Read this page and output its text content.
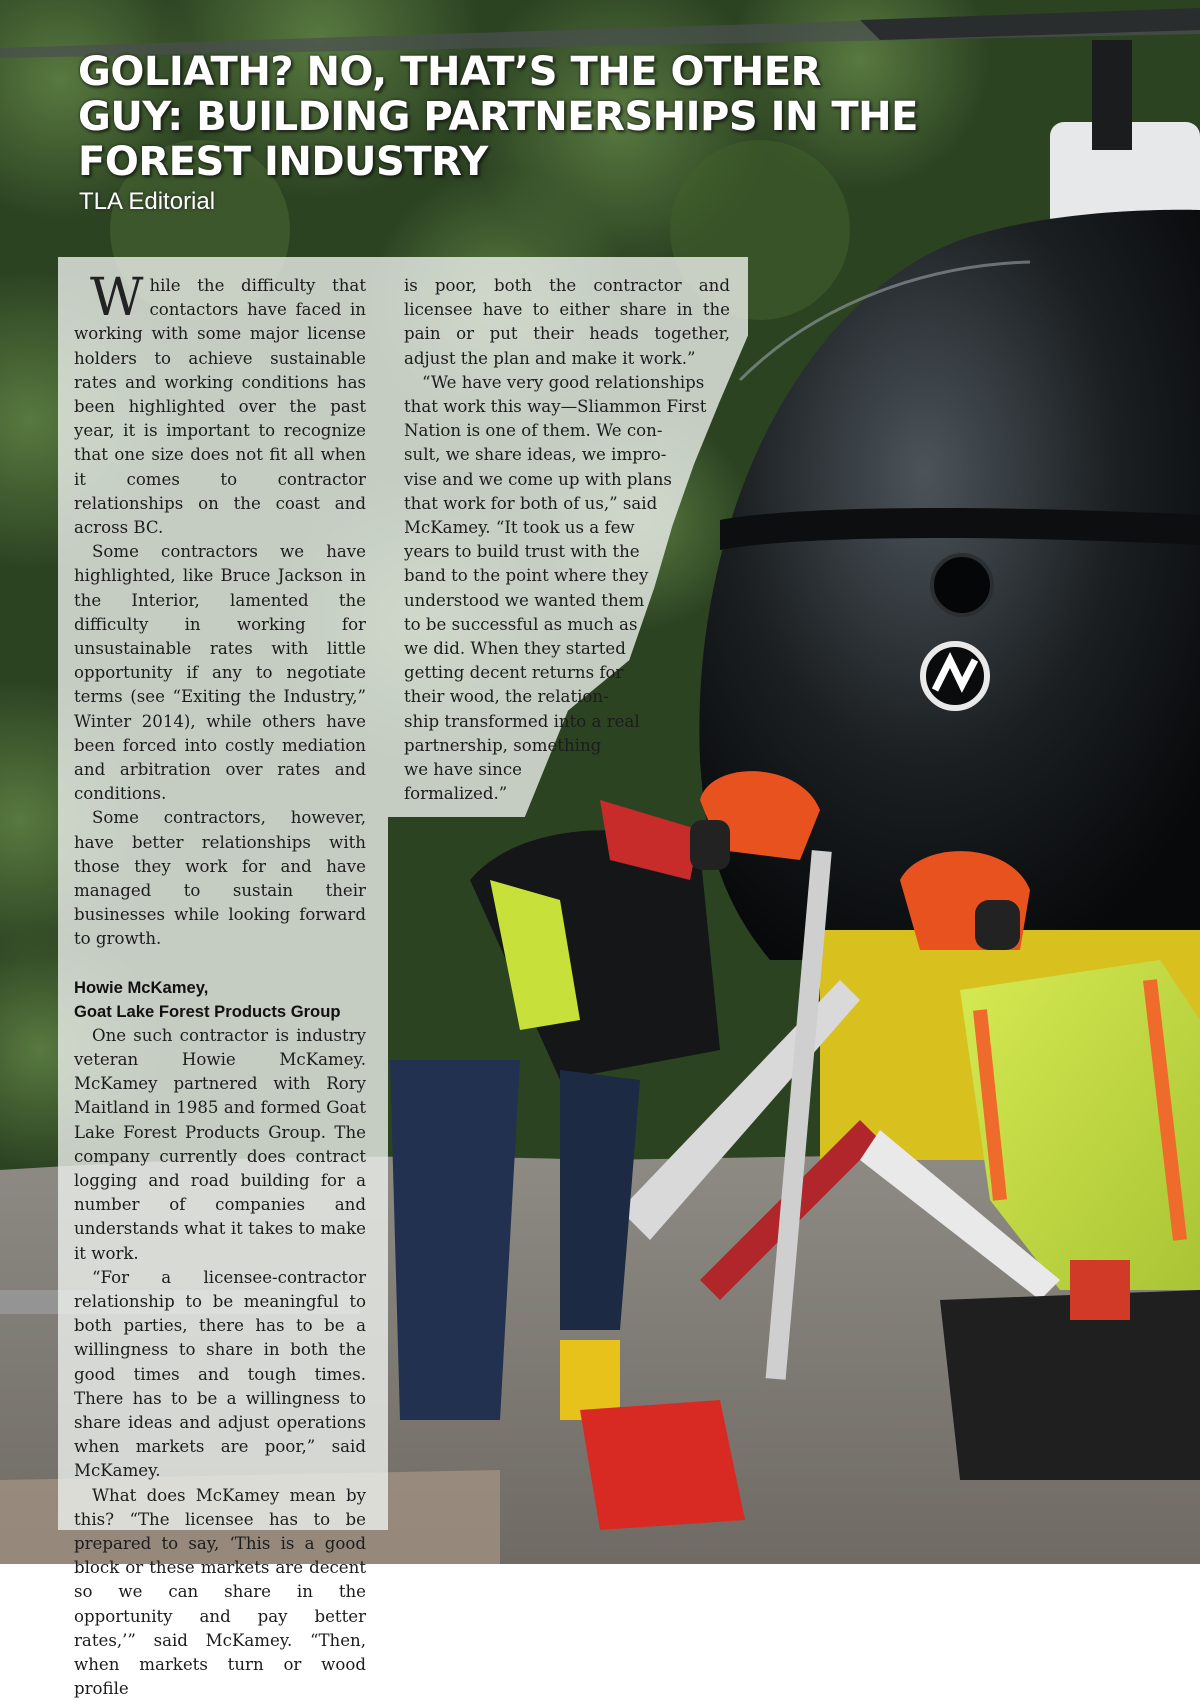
GOLIATH? NO, THAT’S THE OTHER GUY: BUILDING PARTNERSHIPS IN THE FOREST INDUSTRY
TLA Editorial

While the difficulty that contactors have faced in working with some major license holders to achieve sustainable rates and working conditions has been highlighted over the past year, it is important to recognize that one size does not fit all when it comes to contractor relationships on the coast and across BC.

Some contractors we have highlighted, like Bruce Jackson in the Interior, lamented the difficulty in working for unsustainable rates with little opportunity if any to negotiate terms (see “Exiting the Industry,” Winter 2014), while others have been forced into costly mediation and arbitration over rates and conditions.

Some contractors, however, have better relationships with those they work for and have managed to sustain their businesses while looking forward to growth.

Howie McKamey,
Goat Lake Forest Products Group

One such contractor is industry veteran Howie McKamey. McKamey partnered with Rory Maitland in 1985 and formed Goat Lake Forest Products Group. The company currently does contract logging and road building for a number of companies and understands what it takes to make it work.

“For a licensee-contractor relationship to be meaningful to both parties, there has to be a willingness to share in both the good times and tough times. There has to be a willingness to share ideas and adjust operations when markets are poor,” said McKamey.

What does McKamey mean by this? “The licensee has to be prepared to say, ‘This is a good block or these markets are decent so we can share in the opportunity and pay better rates,’” said McKamey. “Then, when markets turn or wood profile

is poor, both the contractor and licensee have to either share in the pain or put their heads together, adjust the plan and make it work.”

“We have very good relationships
that work this way—Sliammon First
Nation is one of them. We con-
sult, we share ideas, we impro-
vise and we come up with plans
that work for both of us,” said
McKamey. “It took us a few
years to build trust with the
band to the point where they
understood we wanted them
to be successful as much as
we did. When they started
getting decent returns for
their wood, the relation-
ship transformed into a real
partnership, something
we have since
formalized.”
